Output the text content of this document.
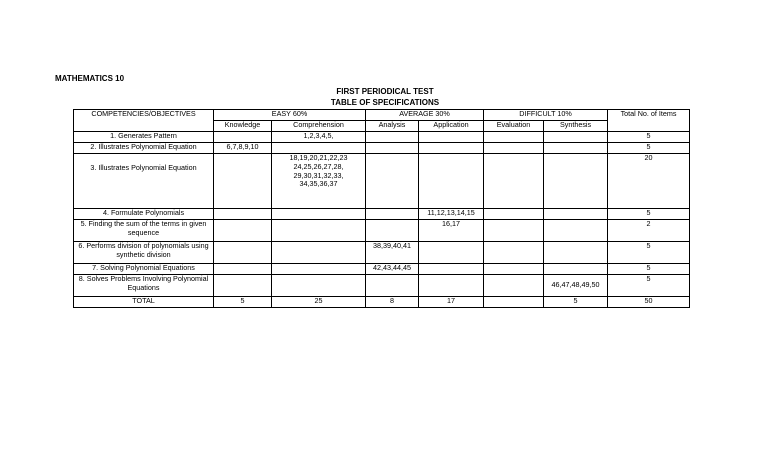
MATHEMATICS 10
FIRST PERIODICAL TEST
TABLE OF SPECIFICATIONS
COMPETENCIES/OBJECTIVES	EASY 60%		AVERAGE 30%		DIFFICULT 10%		Total No. of Items
	Knowledge	Comprehension	Analysis	Application	Evaluation	Synthesis	
1. Generates Pattern		1,2,3,4,5,					5
2. Illustrates Polynomial Equation	6,7,8,9,10						5
3. Illustrates Polynomial Equation		18,19,20,21,22,23 24,25,26,27,28, 29,30,31,32,33, 34,35,36,37					20
4. Formulate Polynomials				11,12,13,14,15			5
5. Finding the sum of the terms in given sequence				16,17			2
6. Performs division of polynomials using synthetic division			38,39,40,41				5
7. Solving Polynomial Equations			42,43,44,45				5
8. Solves Problems Involving Polynomial Equations						46,47,48,49,50	5
TOTAL	5	25	8	17		5	50
